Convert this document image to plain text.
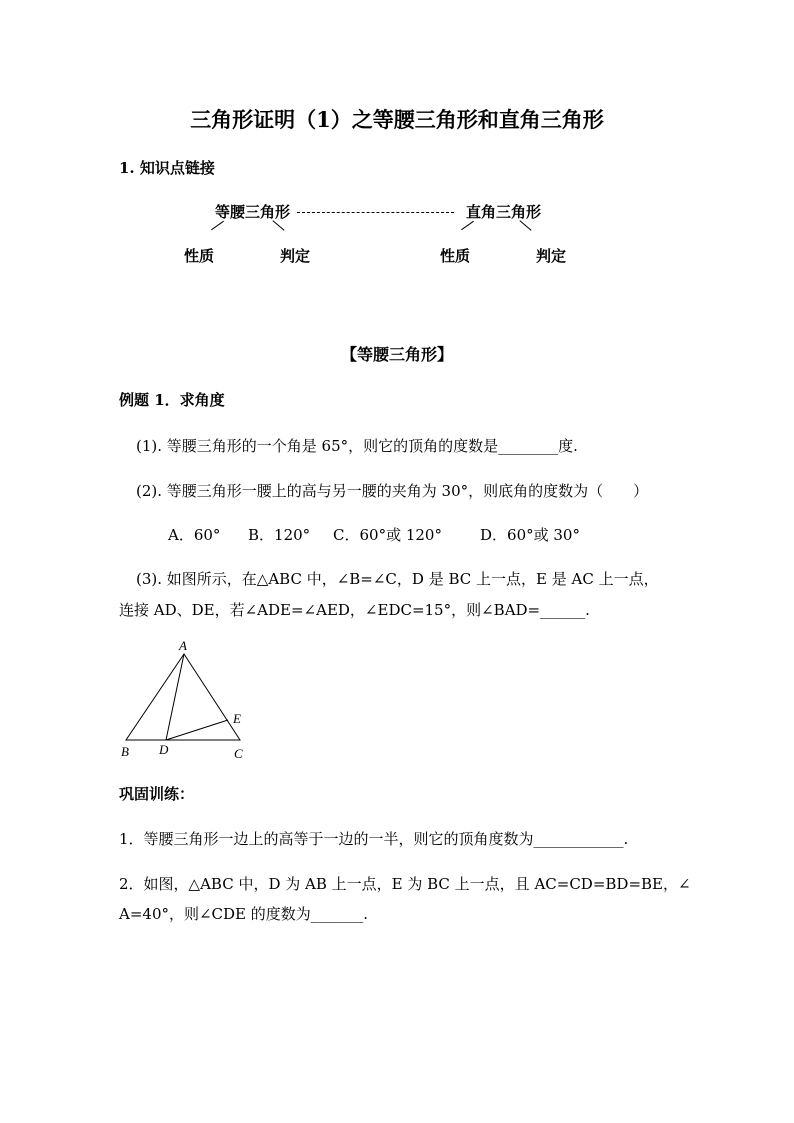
三角形证明（1）之等腰三角形和直角三角形
1. 知识点链接
等腰三角形	直角三角形
性质	判定	性质	判定
【等腰三角形】
例题 1．求角度
(1). 等腰三角形的一个角是 65°，则它的顶角的度数是________度.
(2). 等腰三角形一腰上的高与另一腰的夹角为 30°，则底角的度数为（　　）
A．60° B．120° C．60°或 120°	D．60°或 30°
(3). 如图所示，在△ABC 中，∠B=∠C，D 是 BC 上一点，E 是 AC 上一点，
连接 AD、DE，若∠ADE=∠AED，∠EDC=15°，则∠BAD=______.
A
B D
E
C
巩固训练：
1．等腰三角形一边上的高等于一边的一半，则它的顶角度数为____________.
2．如图，△ABC 中，D 为 AB 上一点，E 为 BC 上一点，且 AC=CD=BD=BE，∠
A=40°，则∠CDE 的度数为_______.
